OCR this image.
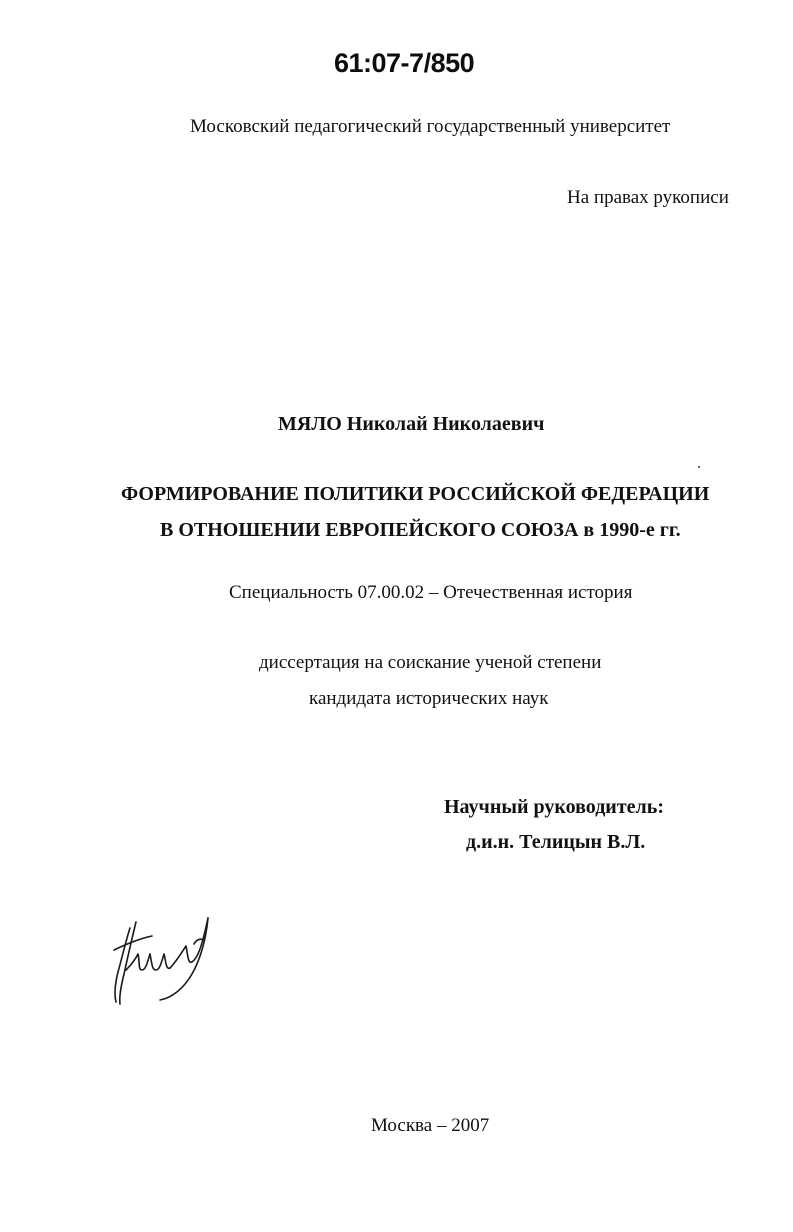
61:07-7/850
Московский педагогический государственный университет
На правах рукописи
МЯЛО Николай Николаевич
ФОРМИРОВАНИЕ ПОЛИТИКИ РОССИЙСКОЙ ФЕДЕРАЦИИ
В ОТНОШЕНИИ ЕВРОПЕЙСКОГО СОЮЗА в 1990-е гг.
Специальность 07.00.02 – Отечественная история
диссертация на соискание ученой степени
кандидата исторических наук
Научный руководитель:
д.и.н. Телицын В.Л.
Москва – 2007
